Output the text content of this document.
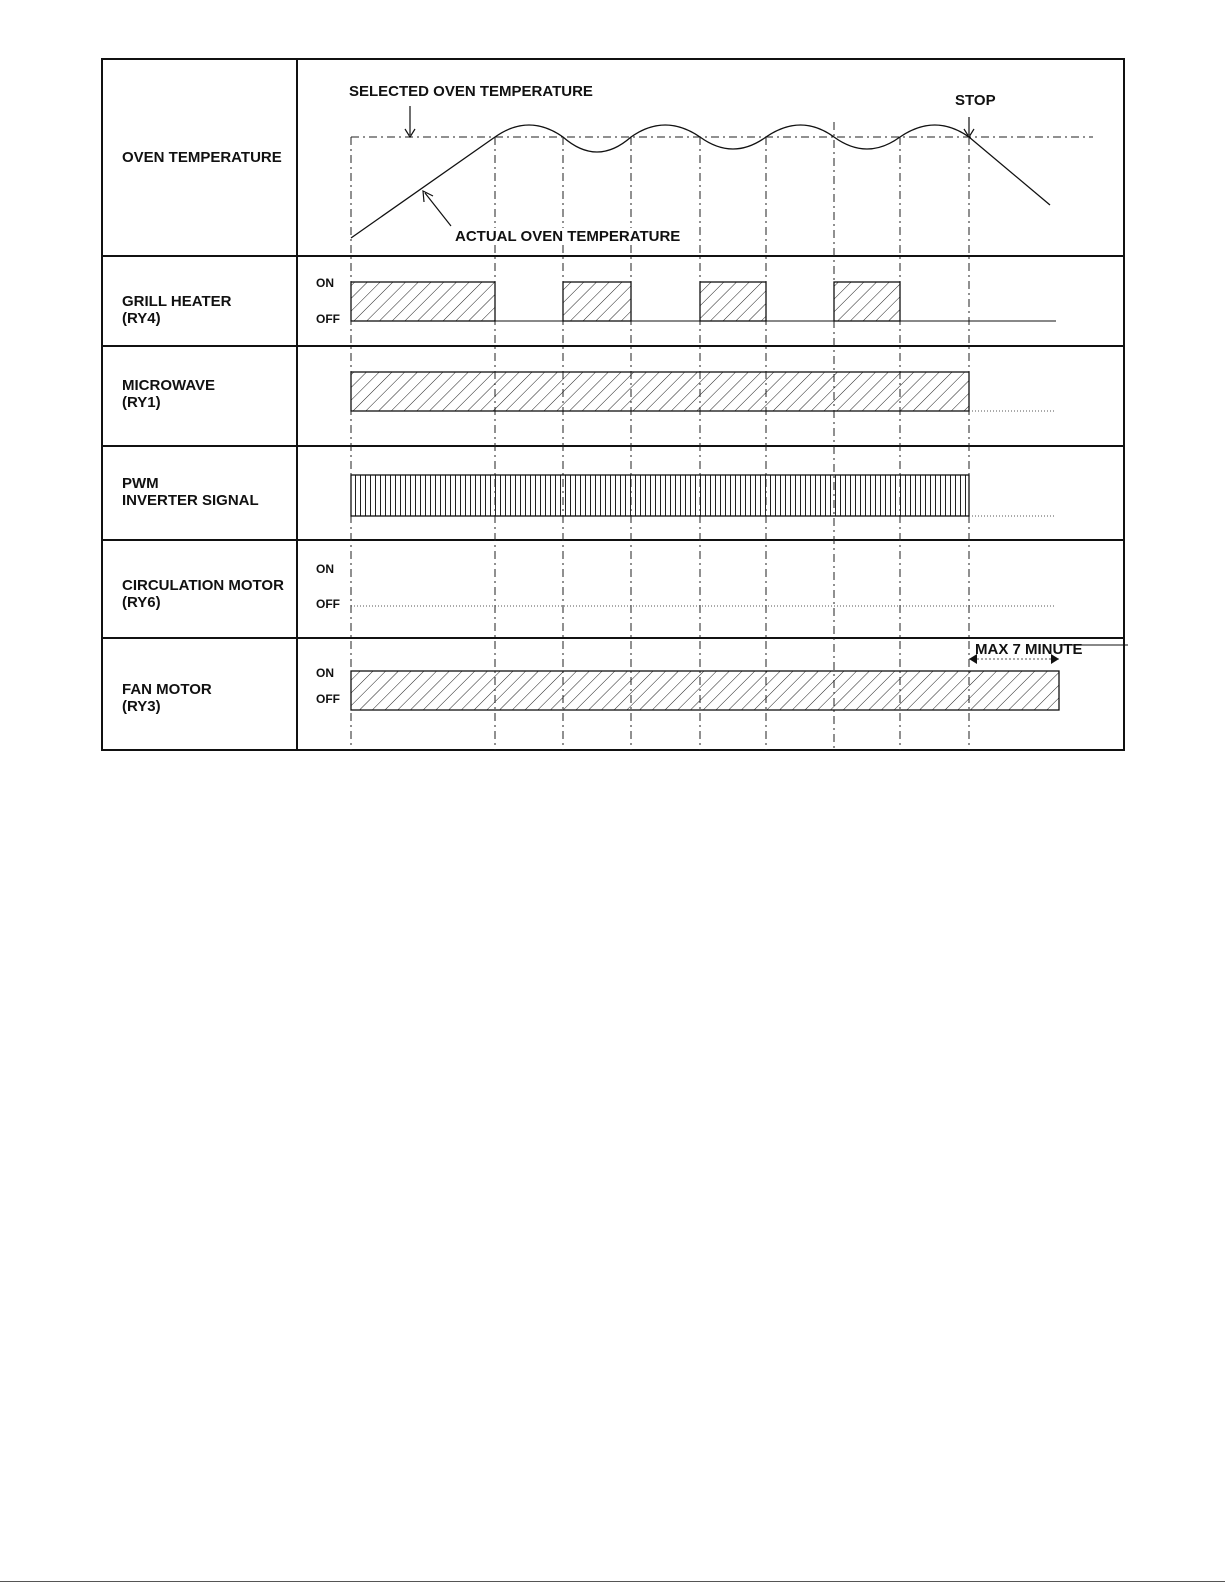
OVEN TEMPERATURE

GRILL HEATER
(RY4)

MICROWAVE
(RY1)

PWM
INVERTER SIGNAL

CIRCULATION MOTOR
(RY6)

FAN MOTOR
(RY3)

ON
OFF
ON
OFF
ON
OFF
SELECTED OVEN TEMPERATURE
ACTUAL OVEN TEMPERATURE
STOP
MAX 7 MINUTE
